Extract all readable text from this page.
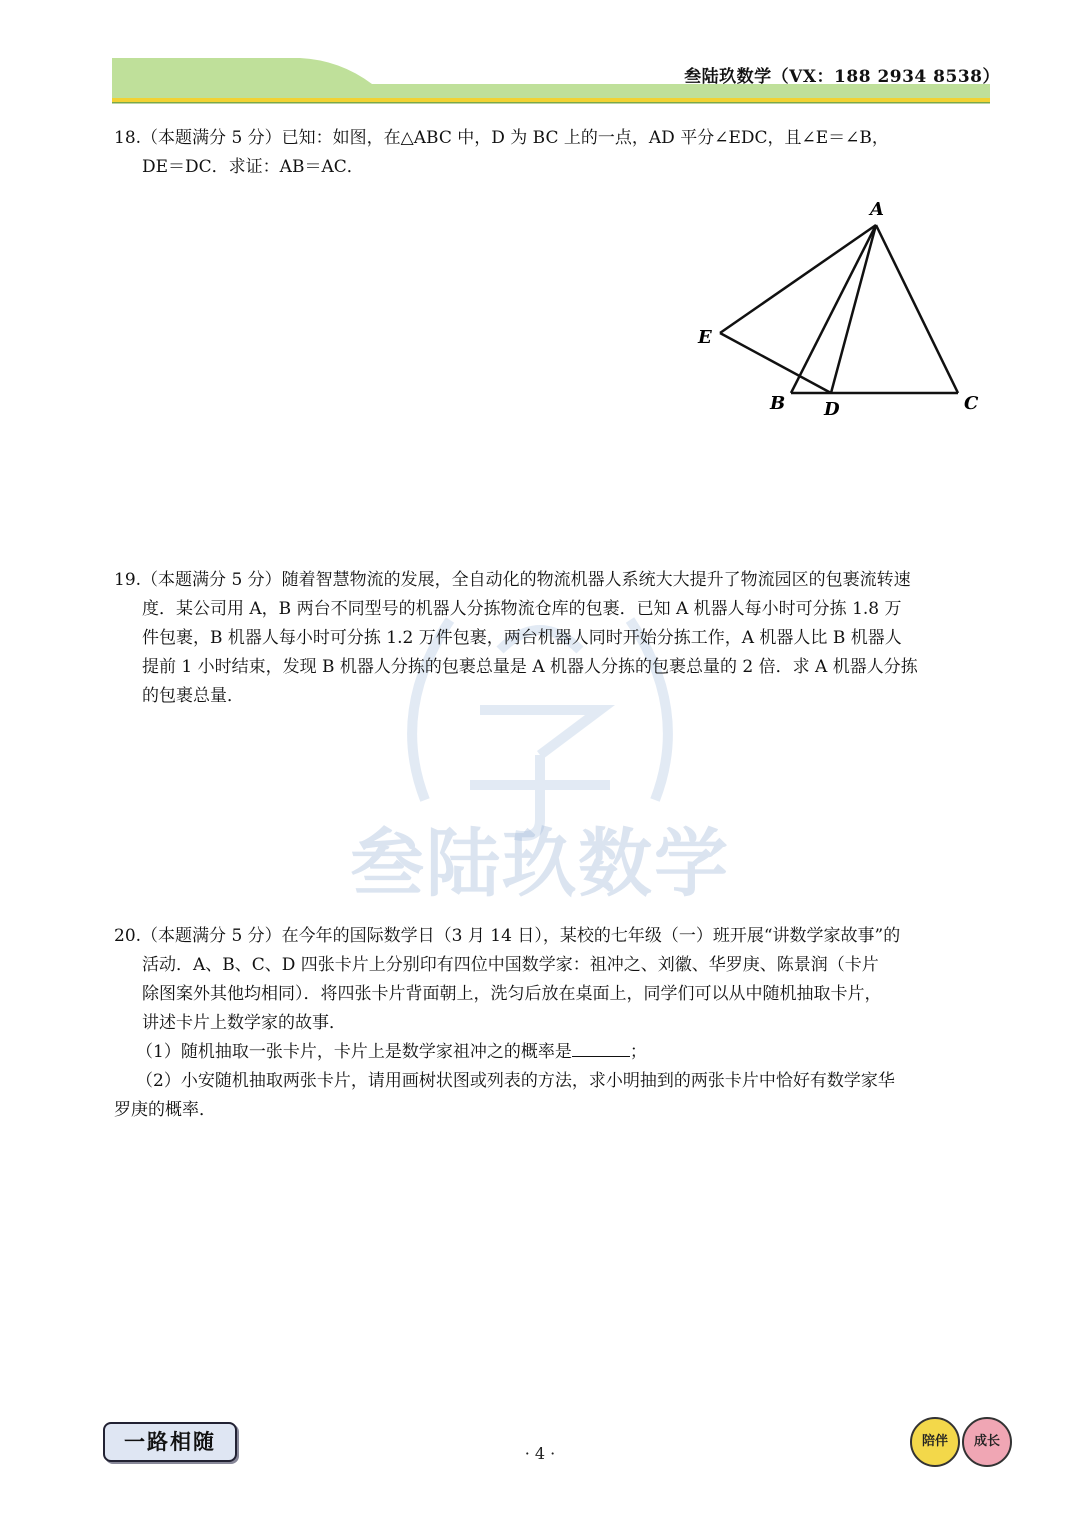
叁陆玖数学（VX：188 2934 8538）
叁陆玖数学
18.（本题满分 5 分）已知：如图，在△ABC 中，D 为 BC 上的一点，AD 平分∠EDC，且∠E＝∠B，
DE＝DC．求证：AB＝AC．
A
E
B D	C
19.（本题满分 5 分）随着智慧物流的发展，全自动化的物流机器人系统大大提升了物流园区的包裹流转速
度．某公司用 A，B 两台不同型号的机器人分拣物流仓库的包裹．已知 A 机器人每小时可分拣 1.8 万
件包裹，B 机器人每小时可分拣 1.2 万件包裹，两台机器人同时开始分拣工作，A 机器人比 B 机器人
提前 1 小时结束，发现 B 机器人分拣的包裹总量是 A 机器人分拣的包裹总量的 2 倍．求 A 机器人分拣
的包裹总量．
20.（本题满分 5 分）在今年的国际数学日（3 月 14 日），某校的七年级（一）班开展“讲数学家故事”的
活动．A、B、C、D 四张卡片上分别印有四位中国数学家：祖冲之、刘徽、华罗庚、陈景润（卡片
除图案外其他均相同）．将四张卡片背面朝上，洗匀后放在桌面上，同学们可以从中随机抽取卡片，
讲述卡片上数学家的故事．
（1）随机抽取一张卡片，卡片上是数学家祖冲之的概率是	；
（2）小安随机抽取两张卡片，请用画树状图或列表的方法，求小明抽到的两张卡片中恰好有数学家华
罗庚的概率．
一路相随	· 4 ·
陪伴	成长
